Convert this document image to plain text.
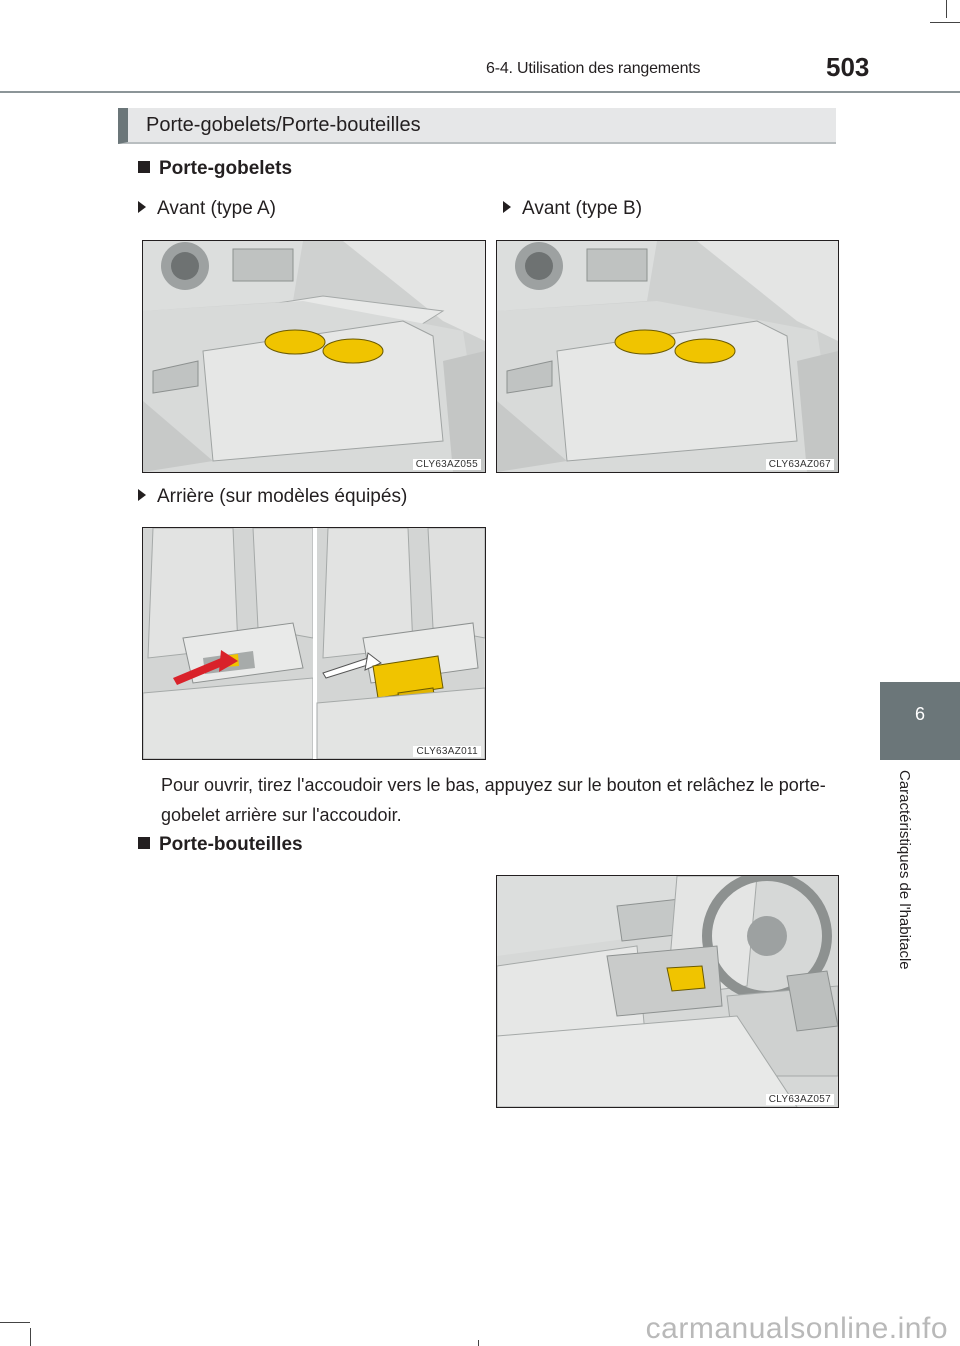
6-4. Utilisation des rangements	503
Porte-gobelets/Porte-bouteilles
Porte-gobelets
Avant (type A)	Avant (type B)
CLY63AZ055	CLY63AZ067
Arrière (sur modèles équipés)
CLY63AZ011
Pour ouvrir, tirez l'accoudoir vers le bas, appuyez sur le bouton et relâchez le porte-gobelet arrière sur l'accoudoir.
Porte-bouteilles
CLY63AZ057
6
Caractéristiques de l'habitacle
carmanualsonline.info
